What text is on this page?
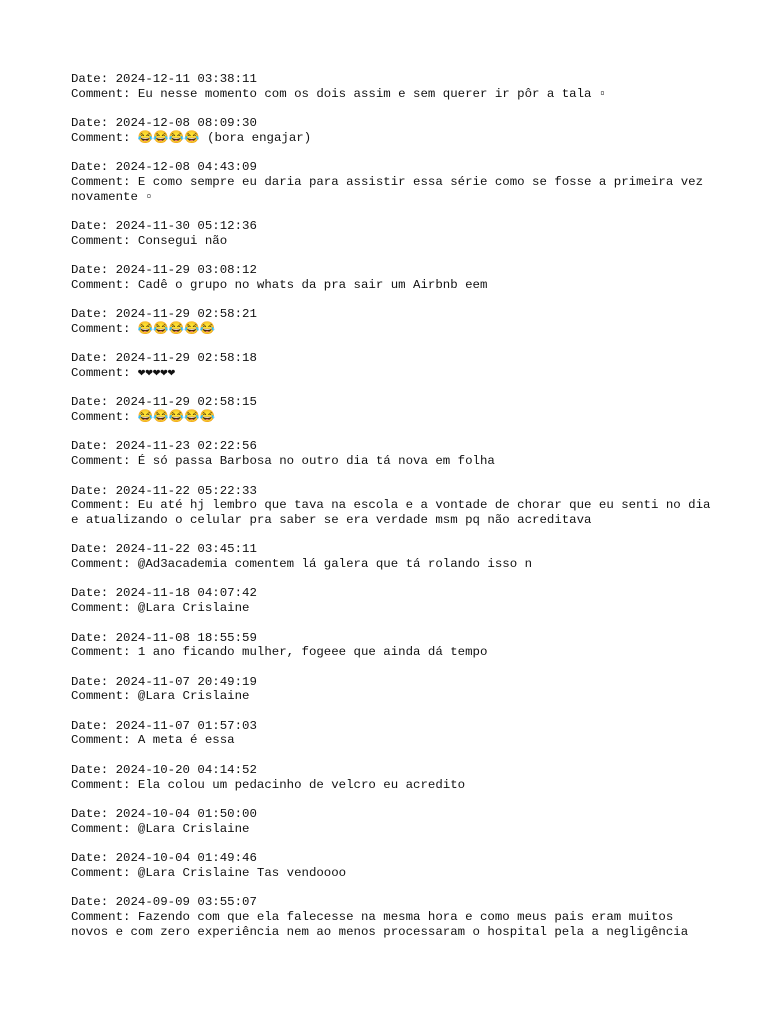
Date: 2024-12-11 03:38:11
Comment: Eu nesse momento com os dois assim e sem querer ir pôr a tala ▫
Date: 2024-12-08 08:09:30
Comment: 😂😂😂😂 (bora engajar)
Date: 2024-12-08 04:43:09
Comment: E como sempre eu daria para assistir essa série como se fosse a primeira vez novamente ▫
Date: 2024-11-30 05:12:36
Comment: Consegui não
Date: 2024-11-29 03:08:12
Comment: Cadê o grupo no whats da pra sair um Airbnb eem
Date: 2024-11-29 02:58:21
Comment: 😂😂😂😂😂
Date: 2024-11-29 02:58:18
Comment: ❤❤❤❤❤
Date: 2024-11-29 02:58:15
Comment: 😂😂😂😂😂
Date: 2024-11-23 02:22:56
Comment: É só passa Barbosa no outro dia tá nova em folha
Date: 2024-11-22 05:22:33
Comment: Eu até hj lembro que tava na escola e a vontade de chorar que eu senti no dia e atualizando o celular pra saber se era verdade msm pq não acreditava
Date: 2024-11-22 03:45:11
Comment: @Ad3academia comentem lá galera que tá rolando isso n
Date: 2024-11-18 04:07:42
Comment: @Lara Crislaine
Date: 2024-11-08 18:55:59
Comment: 1 ano ficando mulher, fogeee que ainda dá tempo
Date: 2024-11-07 20:49:19
Comment: @Lara Crislaine
Date: 2024-11-07 01:57:03
Comment: A meta é essa
Date: 2024-10-20 04:14:52
Comment: Ela colou um pedacinho de velcro eu acredito
Date: 2024-10-04 01:50:00
Comment: @Lara Crislaine
Date: 2024-10-04 01:49:46
Comment: @Lara Crislaine Tas vendoooo
Date: 2024-09-09 03:55:07
Comment: Fazendo com que ela falecesse na mesma hora e como meus pais eram muitos novos e com zero experiência nem ao menos processaram o hospital pela a negligência
